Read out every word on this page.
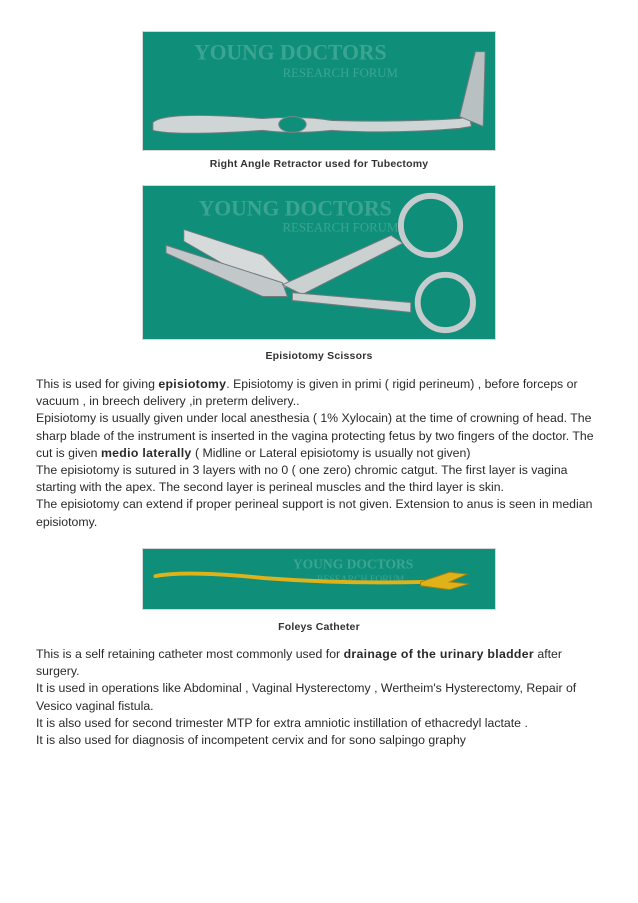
YOUNG DOCTORS
RESEARCH FORUM
Right Angle Retractor used for Tubectomy
YOUNG DOCTORS
RESEARCH FORUM
Episiotomy Scissors

This is used for giving episiotomy. Episiotomy is given in primi ( rigid perineum) , before forceps or vacuum , in breech delivery ,in preterm delivery..

Episiotomy is usually given under local anesthesia ( 1% Xylocain) at the time of crowning of head. The sharp blade of the instrument is inserted in the vagina protecting fetus by two fingers of the doctor. The cut is given medio laterally ( Midline or Lateral episiotomy is usually not given)

The episiotomy is sutured in 3 layers with no 0 ( one zero) chromic catgut. The first layer is vagina starting with the apex. The second layer is perineal muscles and the third layer is skin.

The episiotomy can extend if proper perineal support is not given. Extension to anus is seen in median episiotomy.

YOUNG DOCTORS
RESEARCH FORUM
Foleys Catheter

This is a self retaining catheter most commonly used for drainage of the urinary bladder after surgery.

It is used in operations like Abdominal , Vaginal Hysterectomy , Wertheim's Hysterectomy, Repair of Vesico vaginal fistula.

It is also used for second trimester MTP for extra amniotic instillation of ethacredyl lactate .

It is also used for diagnosis of incompetent cervix and for sono salpingo graphy
